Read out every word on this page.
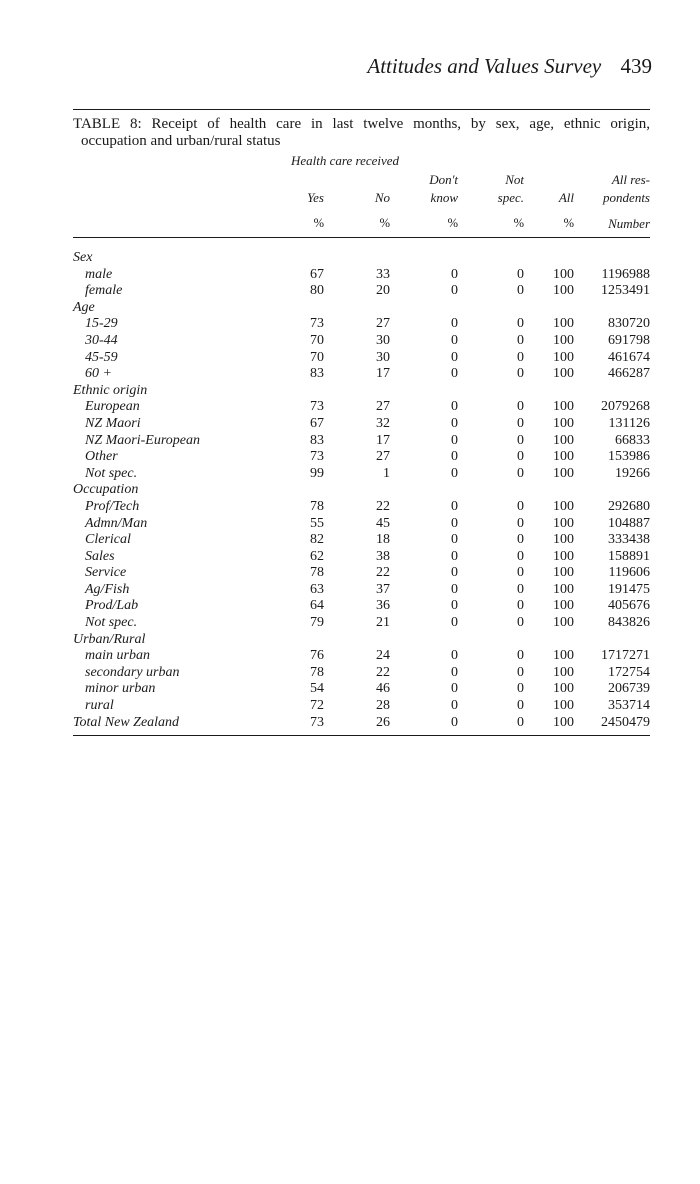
Attitudes and Values Survey 439
TABLE 8: Receipt of health care in last twelve months, by sex, age, ethnic origin,
occupation and urban/rural status
Health care received
			Don't	Not		All res-
	Yes	No	know	spec.	All	pondents
	%	%	%	%	%	Number

Sex						
male	67	33	0	0	100	1196988
female	80	20	0	0	100	1253491
Age						
15-29	73	27	0	0	100	830720
30-44	70	30	0	0	100	691798
45-59	70	30	0	0	100	461674
60 +	83	17	0	0	100	466287
Ethnic origin						
European	73	27	0	0	100	2079268
NZ Maori	67	32	0	0	100	131126
NZ Maori-European	83	17	0	0	100	66833
Other	73	27	0	0	100	153986
Not spec.	99	1	0	0	100	19266
Occupation						
Prof/Tech	78	22	0	0	100	292680
Admn/Man	55	45	0	0	100	104887
Clerical	82	18	0	0	100	333438
Sales	62	38	0	0	100	158891
Service	78	22	0	0	100	119606
Ag/Fish	63	37	0	0	100	191475
Prod/Lab	64	36	0	0	100	405676
Not spec.	79	21	0	0	100	843826
Urban/Rural						
main urban	76	24	0	0	100	1717271
secondary urban	78	22	0	0	100	172754
minor urban	54	46	0	0	100	206739
rural	72	28	0	0	100	353714
Total New Zealand	73	26	0	0	100	2450479
